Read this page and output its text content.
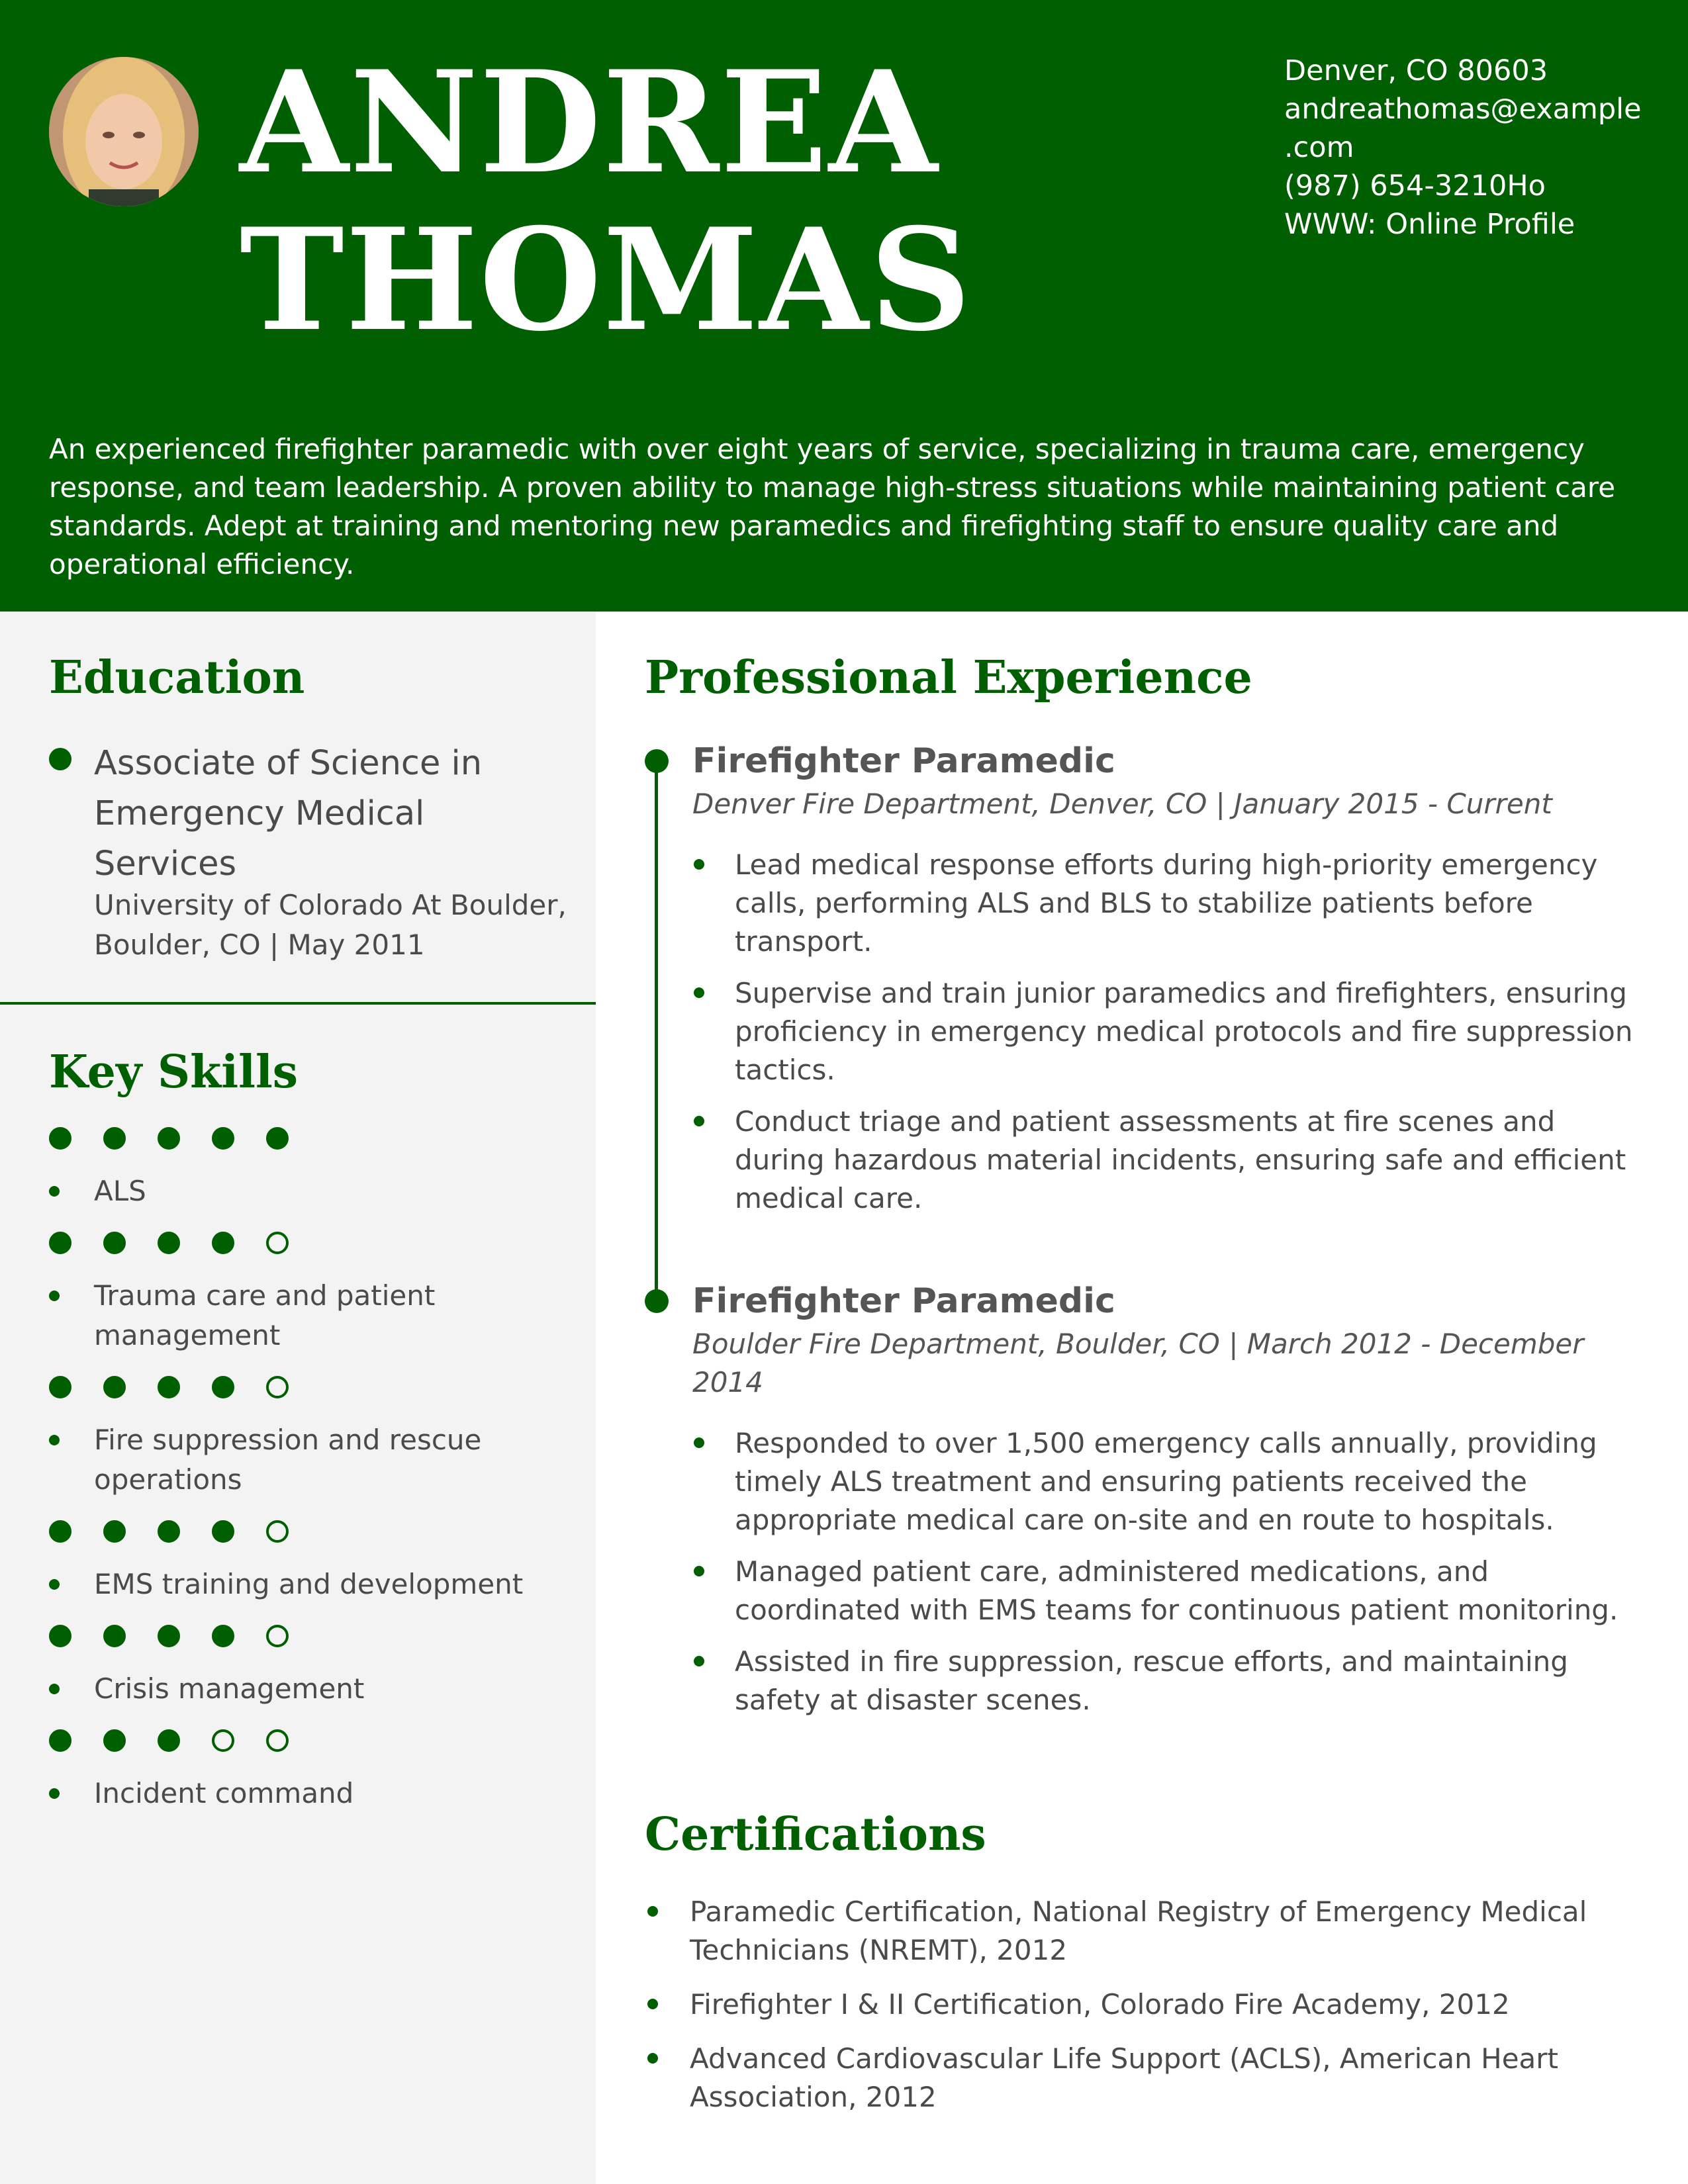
ANDREA
THOMAS
Denver, CO 80603
andreathomas@example
.com
(987) 654-3210Ho
WWW: Online Profile
An experienced firefighter paramedic with over eight years of service, specializing in trauma care, emergency response, and team leadership. A proven ability to manage high-stress situations while maintaining patient care standards. Adept at training and mentoring new paramedics and firefighting staff to ensure quality care and operational efficiency.
Education
Associate of Science in Emergency Medical Services
University of Colorado At Boulder, Boulder, CO | May 2011
Key Skills
ALS
Trauma care and patient management
Fire suppression and rescue operations
EMS training and development
Crisis management
Incident command
Professional Experience
Firefighter Paramedic
Denver Fire Department, Denver, CO | January 2015 - Current
Lead medical response efforts during high-priority emergency calls, performing ALS and BLS to stabilize patients before transport.
Supervise and train junior paramedics and firefighters, ensuring proficiency in emergency medical protocols and fire suppression tactics.
Conduct triage and patient assessments at fire scenes and during hazardous material incidents, ensuring safe and efficient medical care.
Firefighter Paramedic
Boulder Fire Department, Boulder, CO | March 2012 - December 2014
Responded to over 1,500 emergency calls annually, providing timely ALS treatment and ensuring patients received the appropriate medical care on-site and en route to hospitals.
Managed patient care, administered medications, and coordinated with EMS teams for continuous patient monitoring.
Assisted in fire suppression, rescue efforts, and maintaining safety at disaster scenes.
Certifications
Paramedic Certification, National Registry of Emergency Medical Technicians (NREMT), 2012
Firefighter I & II Certification, Colorado Fire Academy, 2012
Advanced Cardiovascular Life Support (ACLS), American Heart Association, 2012
